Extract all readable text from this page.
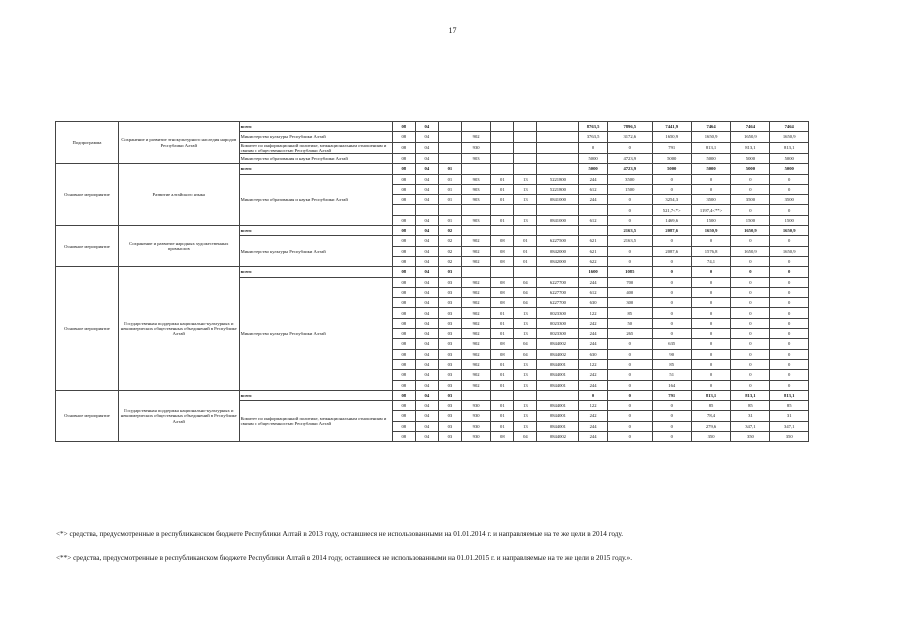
17
Подпрограмма	Сохранение и развитие этнокультурного наследия народов Республики Алтай	всего	08	04						8763,5	7896,5	7441,9	7464	7464	7464
		Министерство культуры Республики Алтай	08	04		902				3763,5	3172,6	1650,9	1650,9	1650,9	1650,9
		Комитет по информационной политике, межнациональным отношениям и связям с общественностью Республики Алтай	08	04		930				0	0	791	813,1	813,1	813,1
		Министерство образования и науки Республики Алтай	08	04		903				5000	4723,9	5000	5000	5000	5000
Основное мероприятие	Развитие алтайского языка	всего	08	04	01					5000	4723,9	5000	5000	5000	5000
		Министерство образования и науки Республики Алтай	08	04	01	903	01	13	5221800	244	3500	0	0	0	0
			08	04	01	903	01	13	5221800	612	1500	0	0	0	0
			08	04	01	903	01	13	0841000	244	0	3254,3	3500	3500	3500
											0	521,7<*>	1197,4<**>	0	0
			08	04	01	903	01	13	0841000	612	0	1469,6	1500	1500	1500
Основное мероприятие	Сохранение и развитие народных художественных промыслов	всего	08	04	02						2163,5	2087,6	1650,9	1650,9	1650,9
		Министерство культуры Республики Алтай	08	04	02	902	08	01	6227500	621	2163,5	0	0	0	0
			08	04	02	902	08	01	0842000	621	0	2087,6	1576,8	1650,9	1650,9
			08	04	02	902	08	01	0842000	622	0	0	74,1	0	0
Основное мероприятие	Государственная поддержка национально-культурных и некоммерческих общественных объединений в Республике Алтай	всего	08	04	03					1600	1085	0	0	0	0
		Министерство культуры Республики Алтай	08	04	03	902	08	04	6227700	244	700	0	0	0	0
			08	04	03	902	08	04	6227700	612	400	0	0	0	0
			08	04	03	902	08	04	6227700	630	300	0	0	0	0
			08	04	03	902	01	13	0023300	122	85	0	0	0	0
			08	04	03	902	01	13	0023300	242	50	0	0	0	0
			08	04	03	902	01	13	0023300	244	265	0	0	0	0
			08	04	03	902	08	04	0844002	244	0	635	0	0	0
			08	04	03	902	08	04	0844002	630	0	90	0	0	0
			08	04	03	902	01	13	0844001	122	0	85	0	0	0
			08	04	03	902	01	13	0844001	242	0	51	0	0	0
			08	04	03	902	01	13	0844001	244	0	164	0	0	0
Основное мероприятие	Государственная поддержка национально-культурных и некоммерческих общественных объединений в Республике Алтай	всего	08	04	03					0	0	791	813,1	813,1	813,1
		Комитет по информационной политике, межнациональным отношениям и связям с общественностью Республики Алтай	08	04	03	930	01	13	0844001	122	0	0	85	85	85
			08	04	03	930	01	13	0844001	242	0	0	78,4	31	31
			08	04	03	930	01	13	0844001	244	0	0	279,6	347,1	347,1
			08	04	03	930	08	04	0844002	244	0	0	350	350	350
<*> средства, предусмотренные в республиканском бюджете Республики Алтай в 2013 году, оставшиеся не использованными на 01.01.2014 г. и направляемые на те же цели в 2014 году.
<**> средства, предусмотренные в республиканском бюджете Республики Алтай в 2014 году, оставшиеся не использованными на 01.01.2015 г. и направляемые на те же цели в 2015 году.».
